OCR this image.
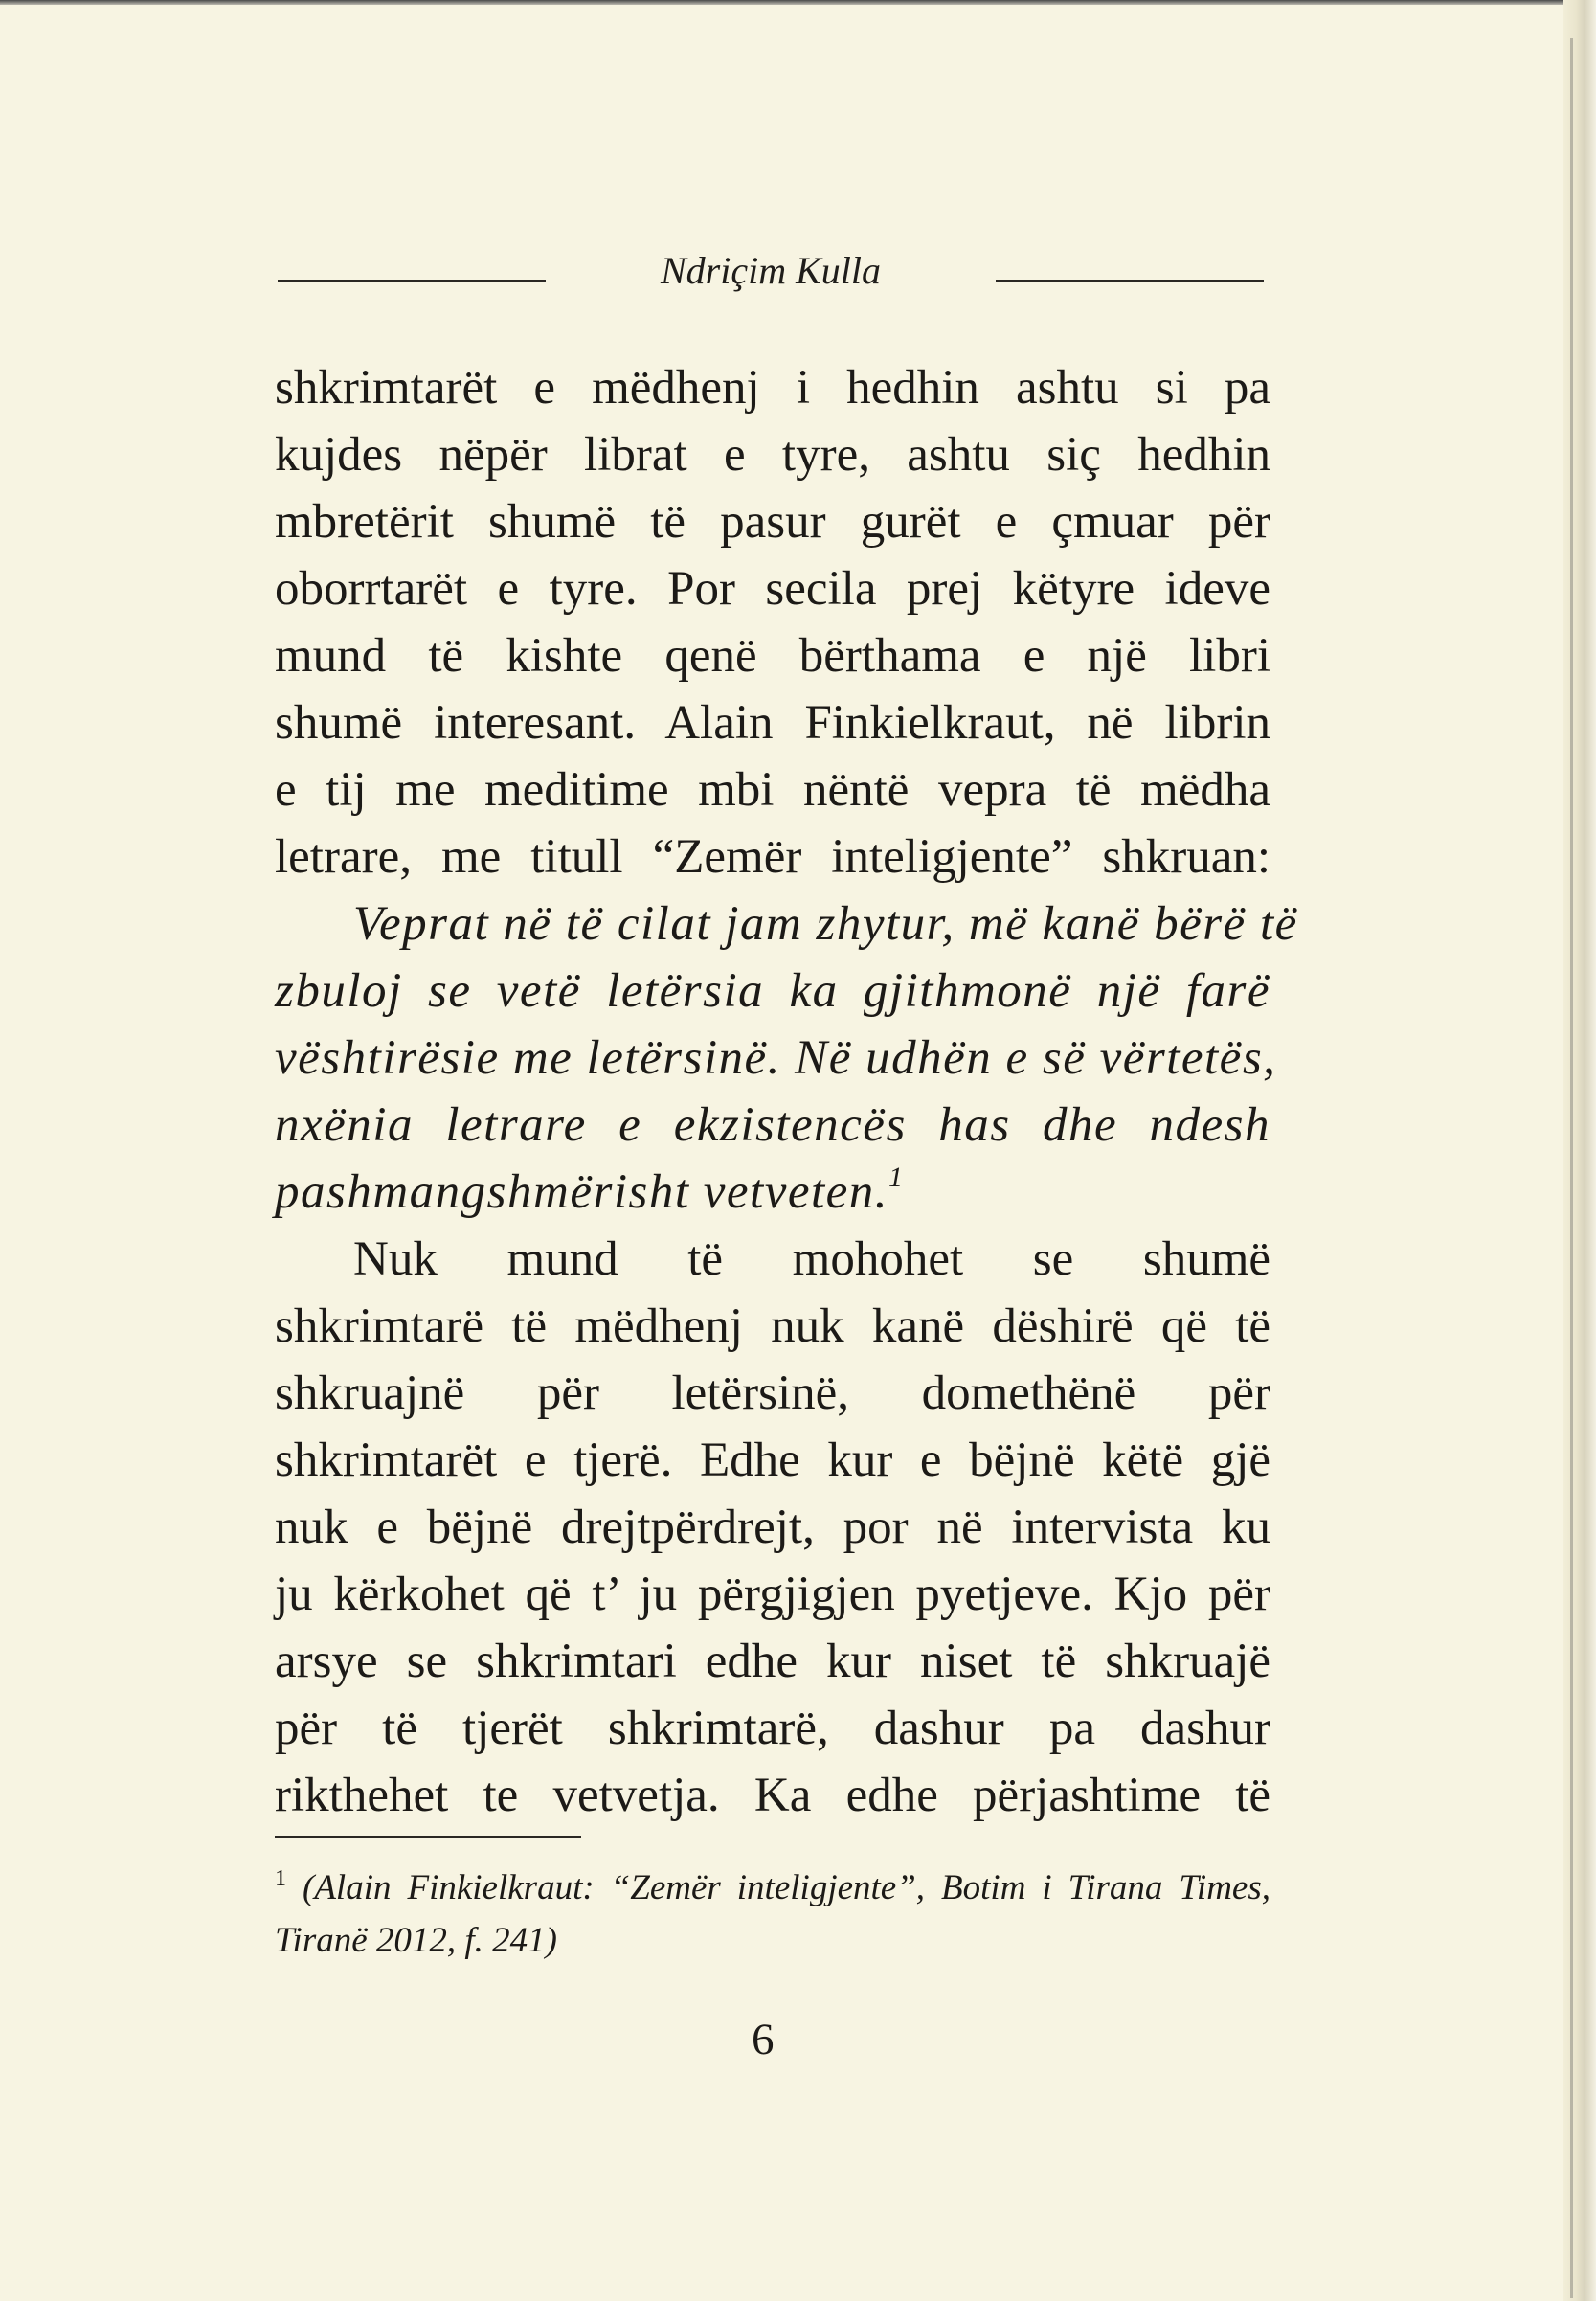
Ndriçim Kulla
shkrimtarët e mëdhenj i hedhin ashtu si pa
kujdes nëpër librat e tyre, ashtu siç hedhin
mbretërit shumë të pasur gurët e çmuar për
oborrtarët e tyre. Por secila prej këtyre ideve
mund të kishte qenë bërthama e një libri
shumë interesant. Alain Finkielkraut, në librin
e tij me meditime mbi nëntë vepra të mëdha
letrare, me titull “Zemër inteligjente” shkruan:
Veprat në të cilat jam zhytur, më kanë bërë të
zbuloj se vetë letërsia ka gjithmonë një farë
vështirësie me letërsinë. Në udhën e së vërtetës,
nxënia letrare e ekzistencës has dhe ndesh
pashmangshmërisht vetveten.$^1$
Nuk mund të mohohet se shumë
shkrimtarë të mëdhenj nuk kanë dëshirë që të
shkruajnë për letërsinë, domethënë për
shkrimtarët e tjerë. Edhe kur e bëjnë këtë gjë
nuk e bëjnë drejtpërdrejt, por në intervista ku
ju kërkohet që t’ ju përgjigjen pyetjeve. Kjo për
arsye se shkrimtari edhe kur niset të shkruajë
për të tjerët shkrimtarë, dashur pa dashur
rikthehet te vetvetja. Ka edhe përjashtime të
$^1$ (Alain Finkielkraut: “Zemër inteligjente”, Botim i Tirana Times,
Tiranë 2012, f. 241)
6
